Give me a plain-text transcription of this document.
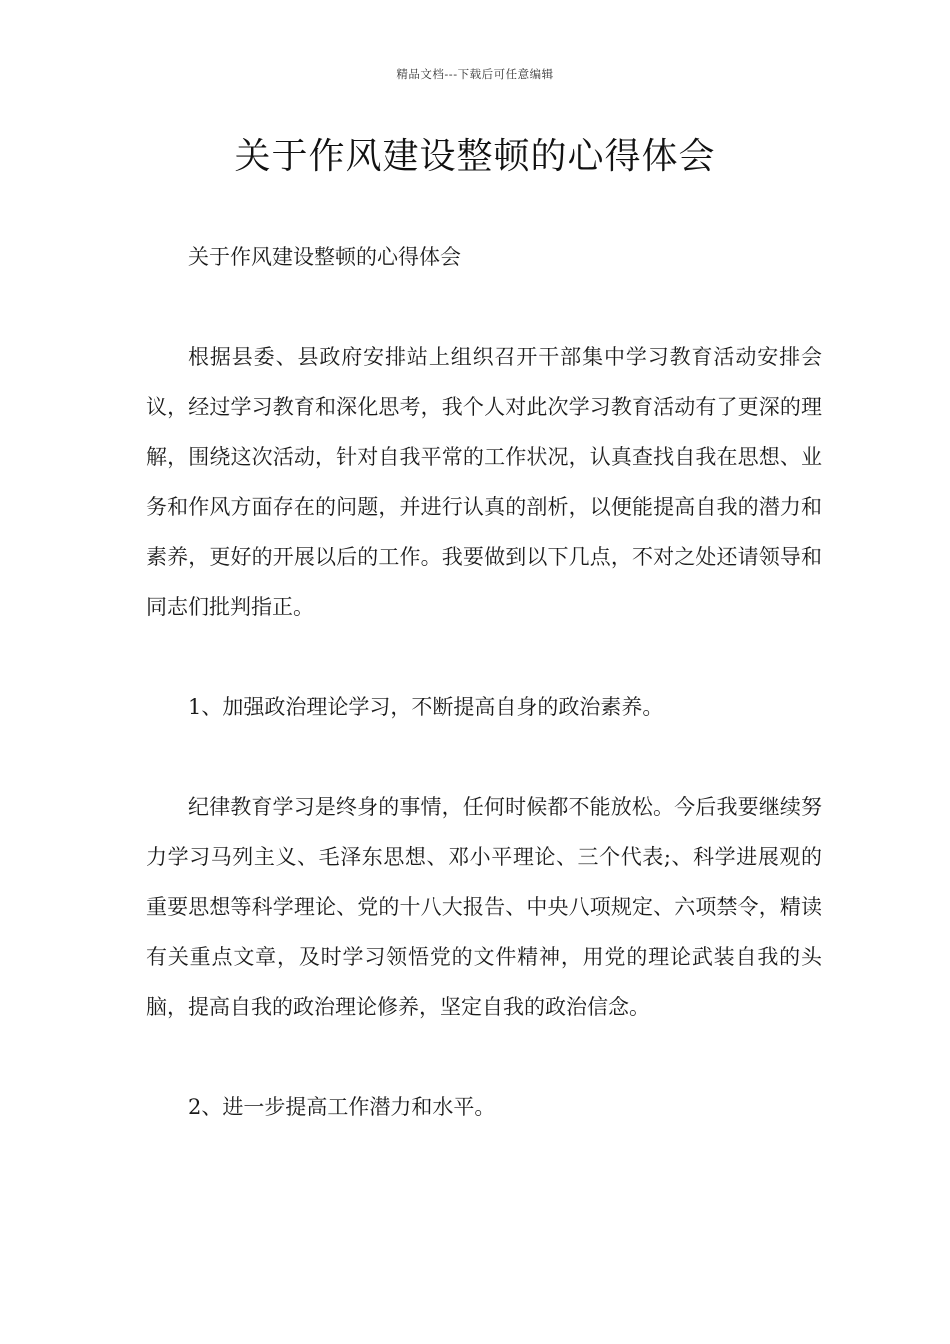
精品文档---下载后可任意编辑
关于作风建设整顿的心得体会

关于作风建设整顿的心得体会

根据县委、县政府安排站上组织召开干部集中学习教育活动安排会议，经过学习教育和深化思考，我个人对此次学习教育活动有了更深的理解，围绕这次活动，针对自我平常的工作状况，认真查找自我在思想、业务和作风方面存在的问题，并进行认真的剖析，以便能提高自我的潜力和素养，更好的开展以后的工作。我要做到以下几点，不对之处还请领导和同志们批判指正。

1、加强政治理论学习，不断提高自身的政治素养。

纪律教育学习是终身的事情，任何时候都不能放松。今后我要继续努力学习马列主义、毛泽东思想、邓小平理论、三个代表;、科学进展观的重要思想等科学理论、党的十八大报告、中央八项规定、六项禁令，精读有关重点文章，及时学习领悟党的文件精神，用党的理论武装自我的头脑，提高自我的政治理论修养，坚定自我的政治信念。

2、进一步提高工作潜力和水平。
